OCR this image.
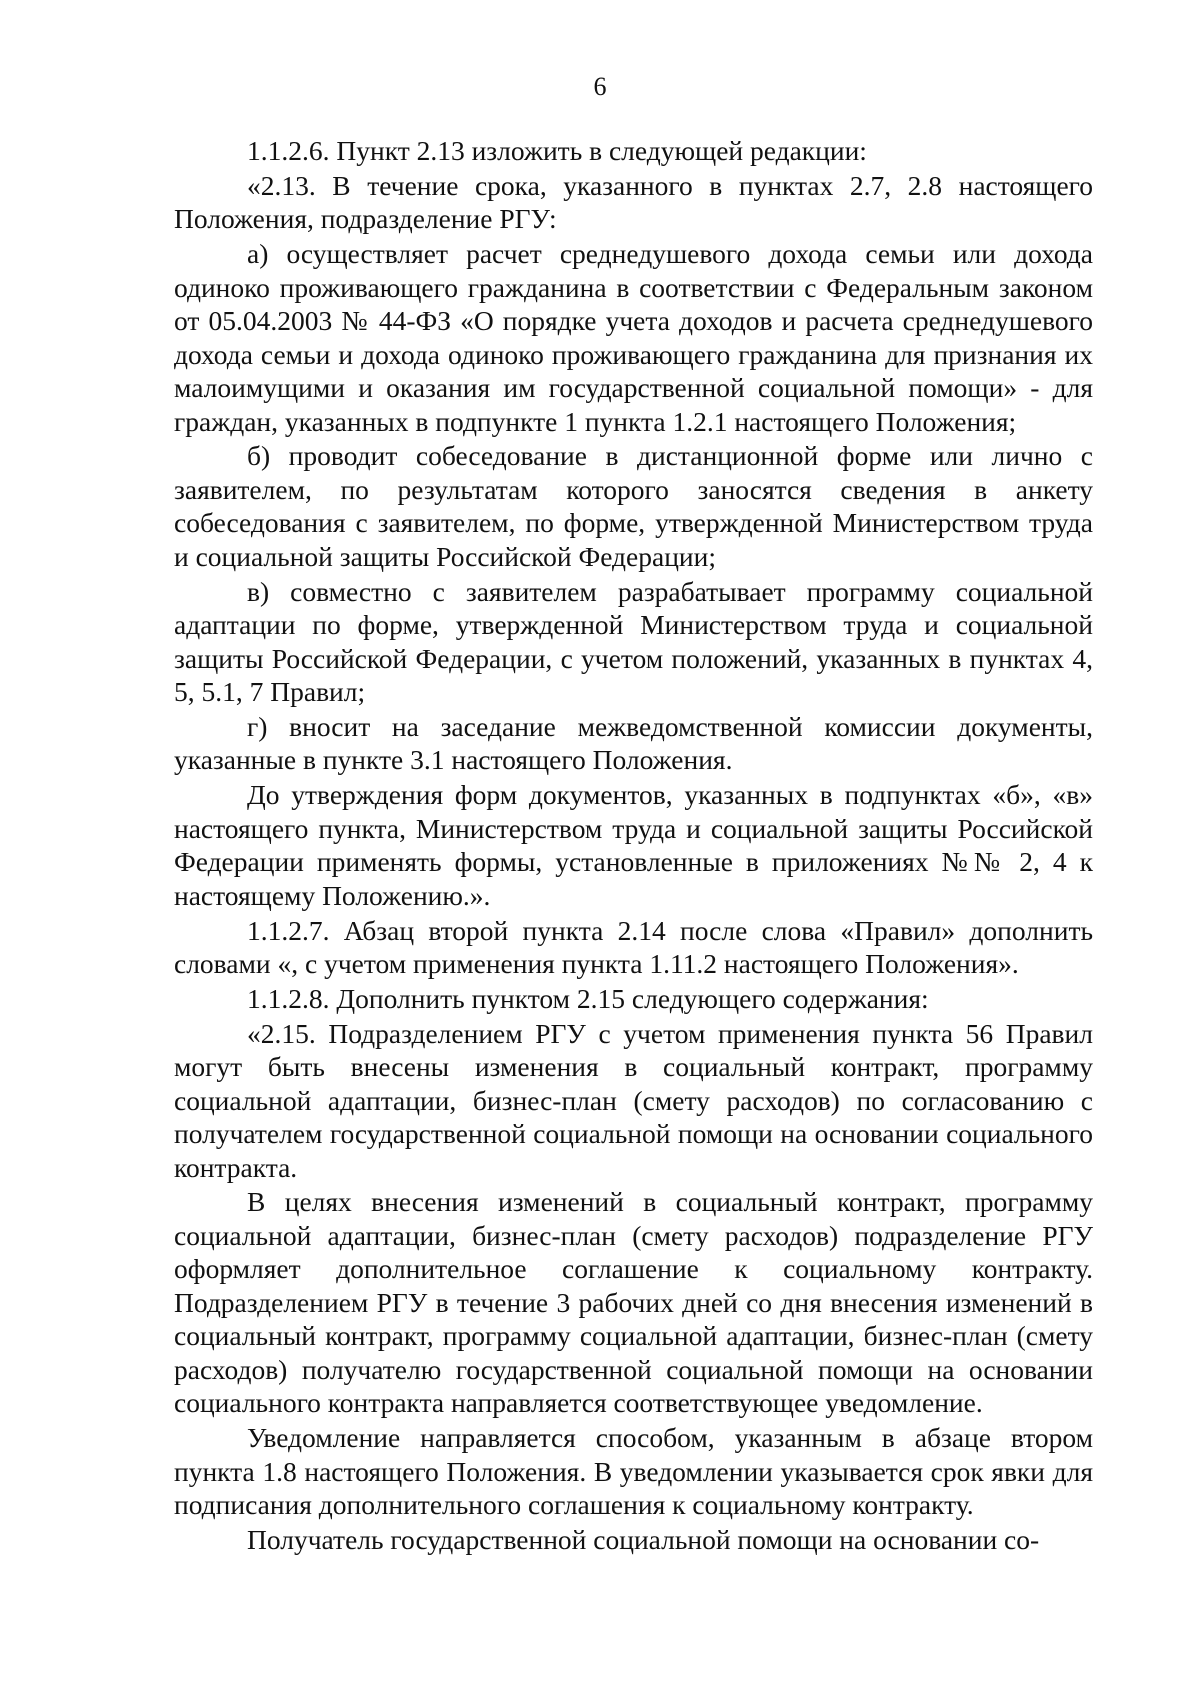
6

1.1.2.6. Пункт 2.13 изложить в следующей редакции:

«2.13. В течение срока, указанного в пунктах 2.7, 2.8 настоящего Положения, подразделение РГУ:

а) осуществляет расчет среднедушевого дохода семьи или дохода одиноко проживающего гражданина в соответствии с Федеральным законом от 05.04.2003 № 44-ФЗ «О порядке учета доходов и расчета среднедушевого дохода семьи и дохода одиноко проживающего гражданина для признания их малоимущими и оказания им государственной социальной помощи» - для граждан, указанных в подпункте 1 пункта 1.2.1 настоящего Положения;

б) проводит собеседование в дистанционной форме или лично с заявителем, по результатам которого заносятся сведения в анкету собеседования с заявителем, по форме, утвержденной Министерством труда и социальной защиты Российской Федерации;

в) совместно с заявителем разрабатывает программу социальной адаптации по форме, утвержденной Министерством труда и социальной защиты Российской Федерации, с учетом положений, указанных в пунктах 4, 5, 5.1, 7 Правил;

г) вносит на заседание межведомственной комиссии документы, указанные в пункте 3.1 настоящего Положения.

До утверждения форм документов, указанных в подпунктах «б», «в» настоящего пункта, Министерством труда и социальной защиты Российской Федерации применять формы, установленные в приложениях №№ 2, 4 к настоящему Положению.».

1.1.2.7. Абзац второй пункта 2.14 после слова «Правил» дополнить словами «, с учетом применения пункта 1.11.2 настоящего Положения».

1.1.2.8. Дополнить пунктом 2.15 следующего содержания:

«2.15. Подразделением РГУ с учетом применения пункта 56 Правил могут быть внесены изменения в социальный контракт, программу социальной адаптации, бизнес-план (смету расходов) по согласованию с получателем государственной социальной помощи на основании социального контракта.

В целях внесения изменений в социальный контракт, программу социальной адаптации, бизнес-план (смету расходов) подразделение РГУ оформляет дополнительное соглашение к социальному контракту. Подразделением РГУ в течение 3 рабочих дней со дня внесения изменений в социальный контракт, программу социальной адаптации, бизнес-план (смету расходов) получателю государственной социальной помощи на основании социального контракта направляется соответствующее уведомление.

Уведомление направляется способом, указанным в абзаце втором пункта 1.8 настоящего Положения. В уведомлении указывается срок явки для подписания дополнительного соглашения к социальному контракту.

Получатель государственной социальной помощи на основании со-
